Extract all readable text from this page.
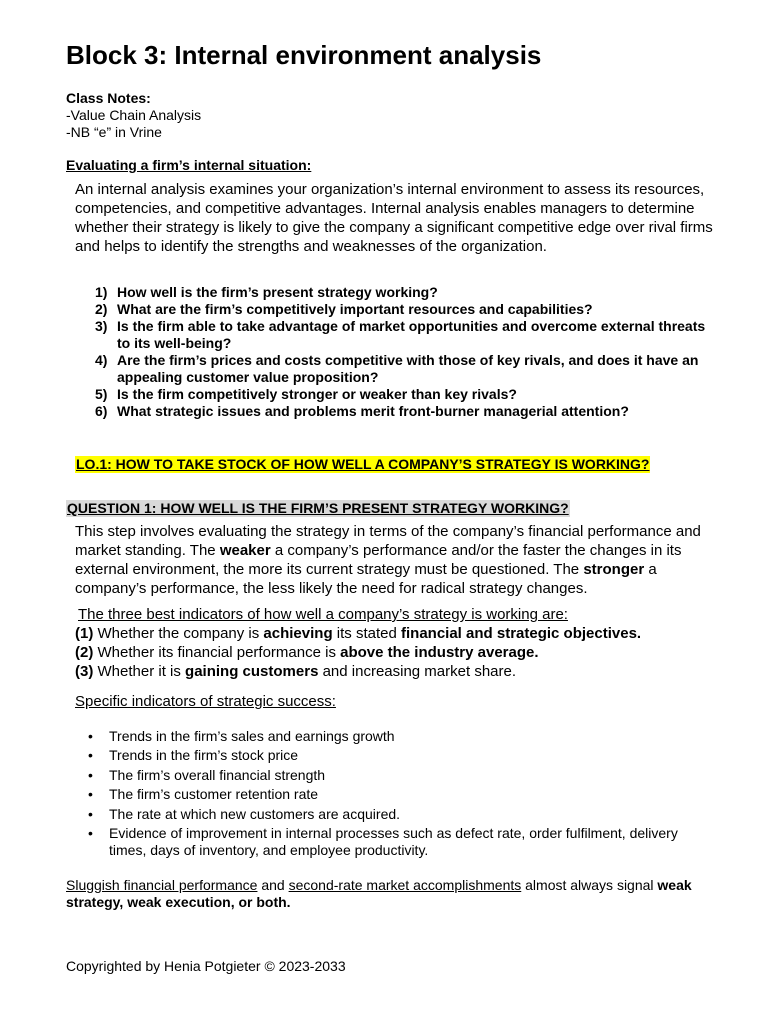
Block 3: Internal environment analysis
Class Notes:
-Value Chain Analysis
-NB “e” in Vrine
Evaluating a firm’s internal situation:
An internal analysis examines your organization’s internal environment to assess its resources, competencies, and competitive advantages. Internal analysis enables managers to determine whether their strategy is likely to give the company a significant competitive edge over rival firms and helps to identify the strengths and weaknesses of the organization.
1) How well is the firm’s present strategy working?
2) What are the firm’s competitively important resources and capabilities?
3) Is the firm able to take advantage of market opportunities and overcome external threats to its well-being?
4) Are the firm’s prices and costs competitive with those of key rivals, and does it have an appealing customer value proposition?
5) Is the firm competitively stronger or weaker than key rivals?
6) What strategic issues and problems merit front-burner managerial attention?
LO.1: HOW TO TAKE STOCK OF HOW WELL A COMPANY’S STRATEGY IS WORKING?
QUESTION 1: HOW WELL IS THE FIRM’S PRESENT STRATEGY WORKING?
This step involves evaluating the strategy in terms of the company’s financial performance and market standing. The weaker a company’s performance and/or the faster the changes in its external environment, the more its current strategy must be questioned. The stronger a company’s performance, the less likely the need for radical strategy changes.
The three best indicators of how well a company’s strategy is working are:
(1) Whether the company is achieving its stated financial and strategic objectives.
(2) Whether its financial performance is above the industry average.
(3) Whether it is gaining customers and increasing market share.
Specific indicators of strategic success:
•	Trends in the firm’s sales and earnings growth
•	Trends in the firm’s stock price
•	The firm’s overall financial strength
•	The firm’s customer retention rate
•	The rate at which new customers are acquired.
•	Evidence of improvement in internal processes such as defect rate, order fulfilment, delivery times, days of inventory, and employee productivity.
Sluggish financial performance and second-rate market accomplishments almost always signal weak strategy, weak execution, or both.
Copyrighted by Henia Potgieter © 2023-2033
